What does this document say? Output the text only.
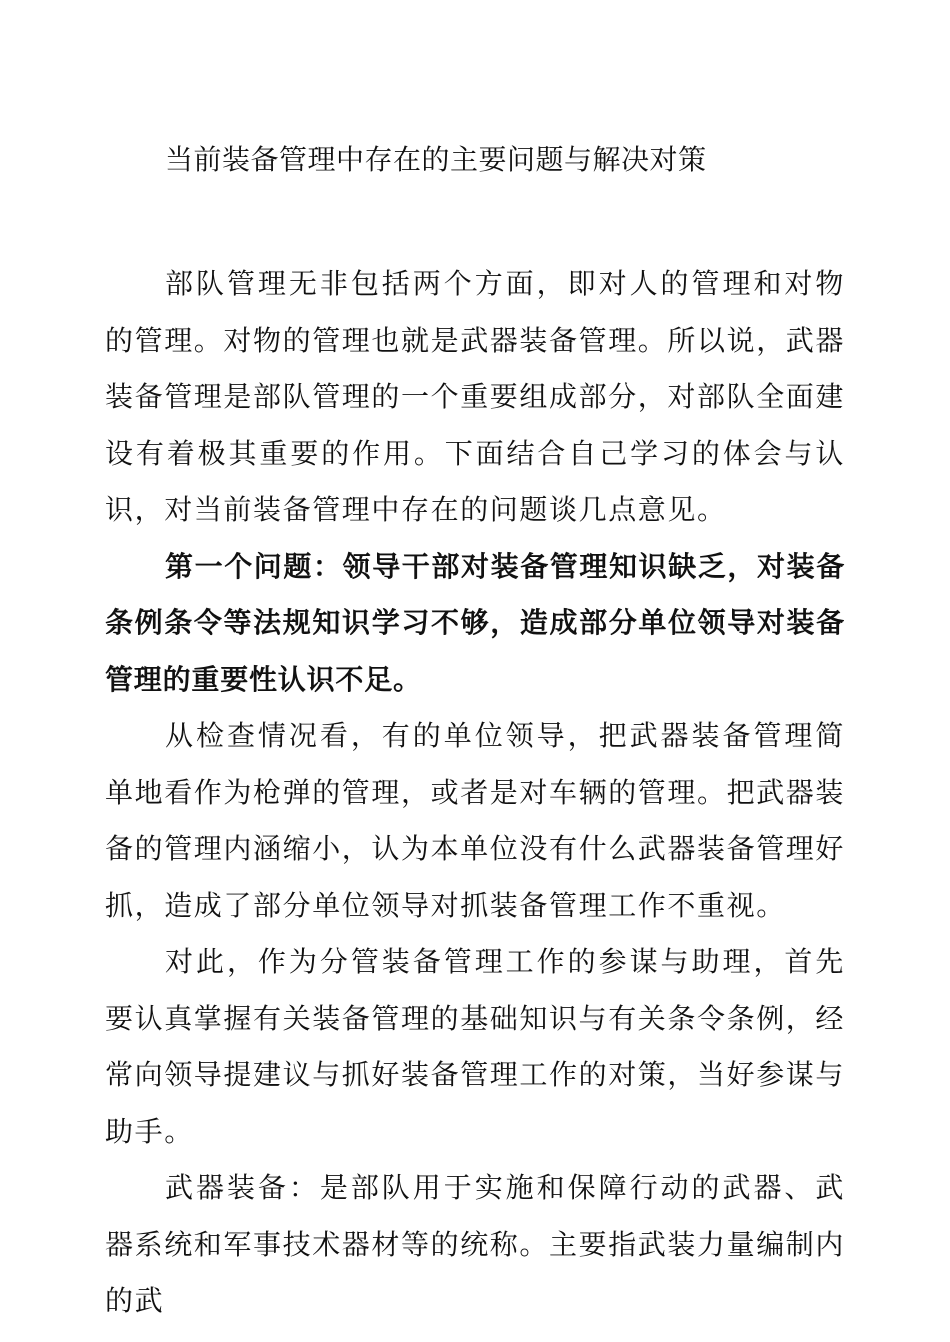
当前装备管理中存在的主要问题与解决对策

部队管理无非包括两个方面，即对人的管理和对物的管理。对物的管理也就是武器装备管理。所以说，武器装备管理是部队管理的一个重要组成部分，对部队全面建设有着极其重要的作用。下面结合自己学习的体会与认识，对当前装备管理中存在的问题谈几点意见。

第一个问题：领导干部对装备管理知识缺乏，对装备条例条令等法规知识学习不够，造成部分单位领导对装备管理的重要性认识不足。

从检查情况看，有的单位领导，把武器装备管理简单地看作为枪弹的管理，或者是对车辆的管理。把武器装备的管理内涵缩小，认为本单位没有什么武器装备管理好抓，造成了部分单位领导对抓装备管理工作不重视。

对此，作为分管装备管理工作的参谋与助理，首先要认真掌握有关装备管理的基础知识与有关条令条例，经常向领导提建议与抓好装备管理工作的对策，当好参谋与助手。

武器装备：是部队用于实施和保障行动的武器、武器系统和军事技术器材等的统称。主要指武装力量编制内的武
